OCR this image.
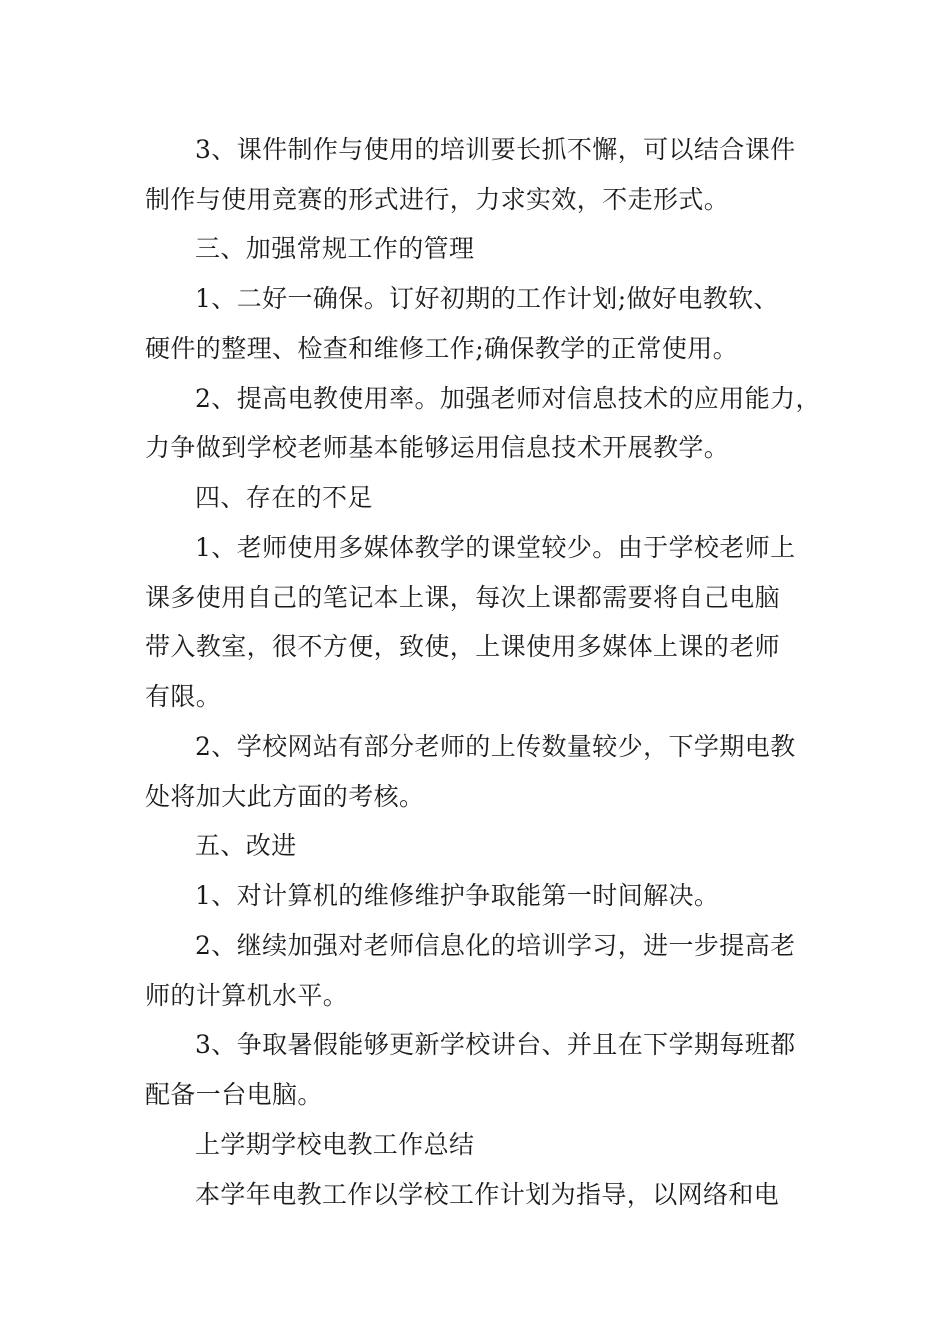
3、课件制作与使用的培训要长抓不懈，可以结合课件
制作与使用竞赛的形式进行，力求实效，不走形式。
三、加强常规工作的管理
1、二好一确保。订好初期的工作计划;做好电教软、
硬件的整理、检查和维修工作;确保教学的正常使用。
2、提高电教使用率。加强老师对信息技术的应用能力，
力争做到学校老师基本能够运用信息技术开展教学。
四、存在的不足
1、老师使用多媒体教学的课堂较少。由于学校老师上
课多使用自己的笔记本上课，每次上课都需要将自己电脑
带入教室，很不方便，致使，上课使用多媒体上课的老师
有限。
2、学校网站有部分老师的上传数量较少，下学期电教
处将加大此方面的考核。
五、改进
1、对计算机的维修维护争取能第一时间解决。
2、继续加强对老师信息化的培训学习，进一步提高老
师的计算机水平。
3、争取暑假能够更新学校讲台、并且在下学期每班都
配备一台电脑。
上学期学校电教工作总结
本学年电教工作以学校工作计划为指导，以网络和电
